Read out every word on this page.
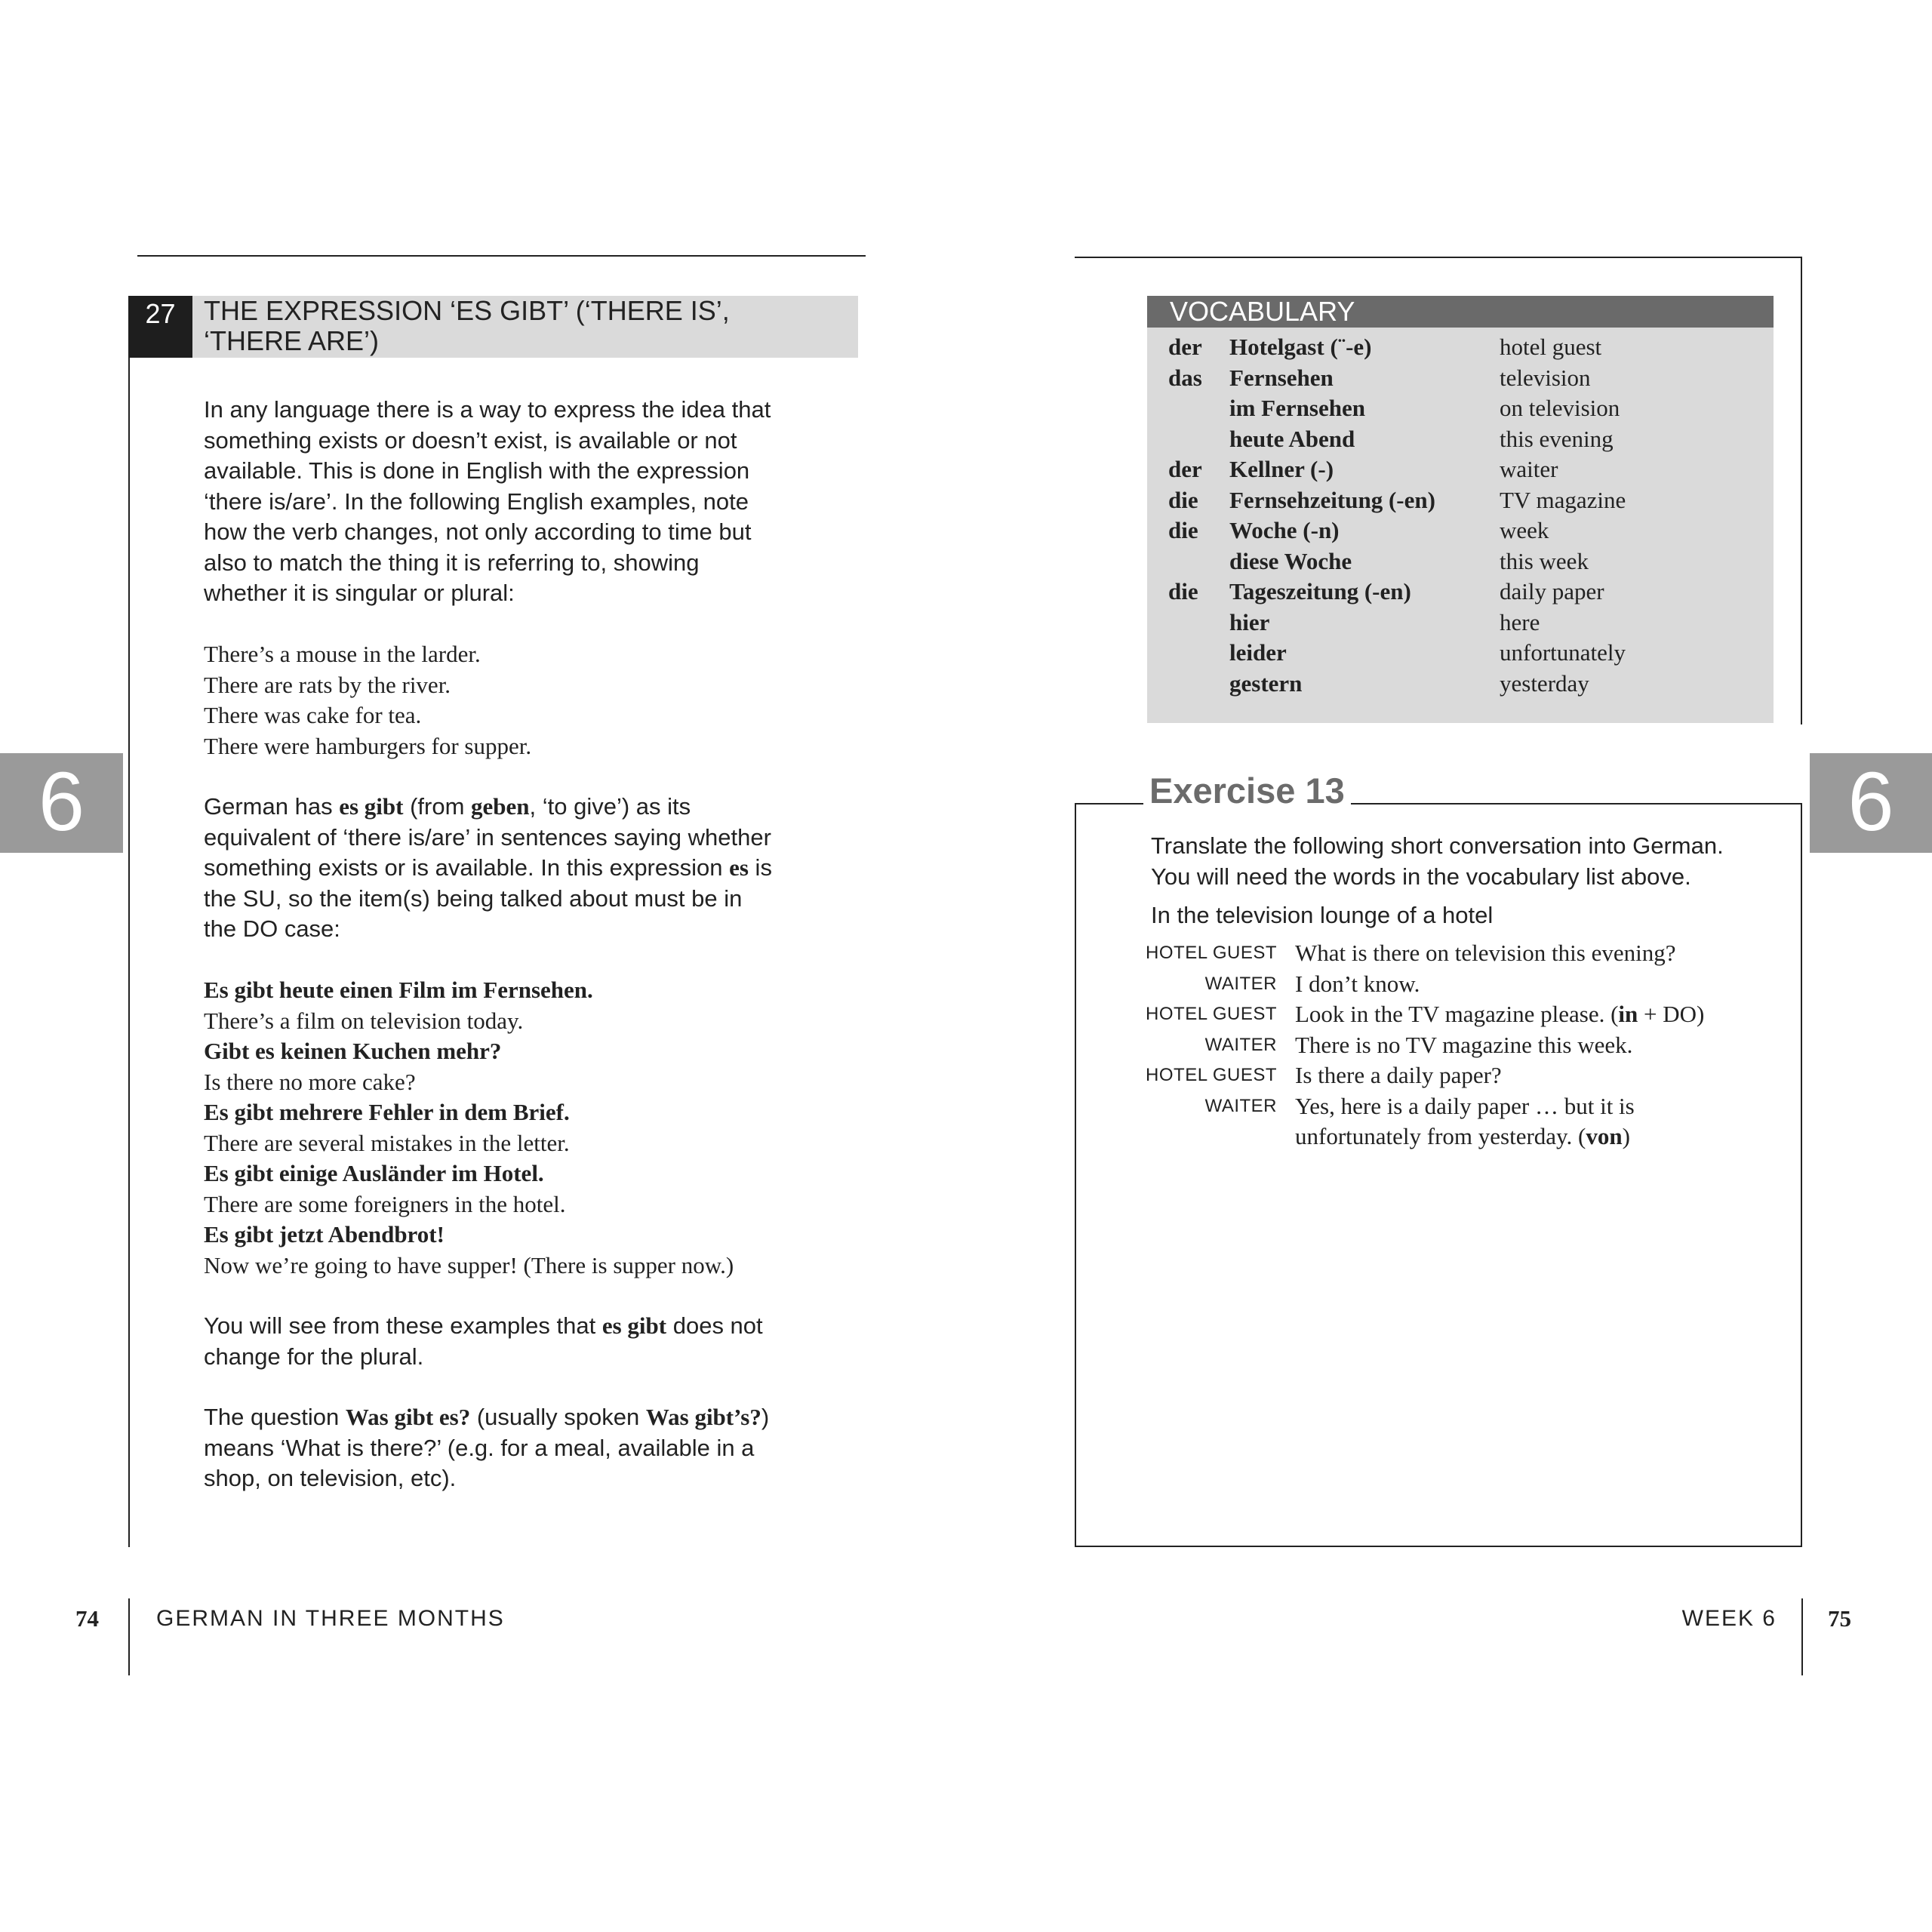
27	THE EXPRESSION ‘ES GIBT’ (‘THERE IS’,
‘THERE ARE’)
In any language there is a way to express the idea that
something exists or doesn’t exist, is available or not
available. This is done in English with the expression
‘there is/are’. In the following English examples, note
how the verb changes, not only according to time but
also to match the thing it is referring to, showing
whether it is singular or plural:
There’s a mouse in the larder.
There are rats by the river.
There was cake for tea.
There were hamburgers for supper.
German has es gibt (from geben, ‘to give’) as its
equivalent of ‘there is/are’ in sentences saying whether
something exists or is available. In this expression es is
the SU, so the item(s) being talked about must be in
the DO case:
Es gibt heute einen Film im Fernsehen.
There’s a film on television today.
Gibt es keinen Kuchen mehr?
Is there no more cake?
Es gibt mehrere Fehler in dem Brief.
There are several mistakes in the letter.
Es gibt einige Ausländer im Hotel.
There are some foreigners in the hotel.
Es gibt jetzt Abendbrot!
Now we’re going to have supper! (There is supper now.)
You will see from these examples that es gibt does not
change for the plural.
The question Was gibt es? (usually spoken Was gibt’s?)
means ‘What is there?’ (e.g. for a meal, available in a
shop, on television, etc).
6	6
VOCABULARY
der Hotelgast (¨-e)	hotel guest
das Fernsehen	television
im Fernsehen	on television
heute Abend	this evening
der Kellner (-)	waiter
die Fernsehzeitung (-en)	TV magazine
die Woche (-n)	week
diese Woche	this week
die Tageszeitung (-en)	daily paper
hier	here
leider	unfortunately
gestern	yesterday
Exercise 13
Translate the following short conversation into German.
You will need the words in the vocabulary list above.
In the television lounge of a hotel
HOTEL GUEST What is there on television this evening?
WAITER I don’t know.
HOTEL GUEST Look in the TV magazine please. (in + DO)
WAITER There is no TV magazine this week.
HOTEL GUEST Is there a daily paper?
WAITER Yes, here is a daily paper … but it is
unfortunately from yesterday. (von)
74	GERMAN IN THREE MONTHS	WEEK 6 75
